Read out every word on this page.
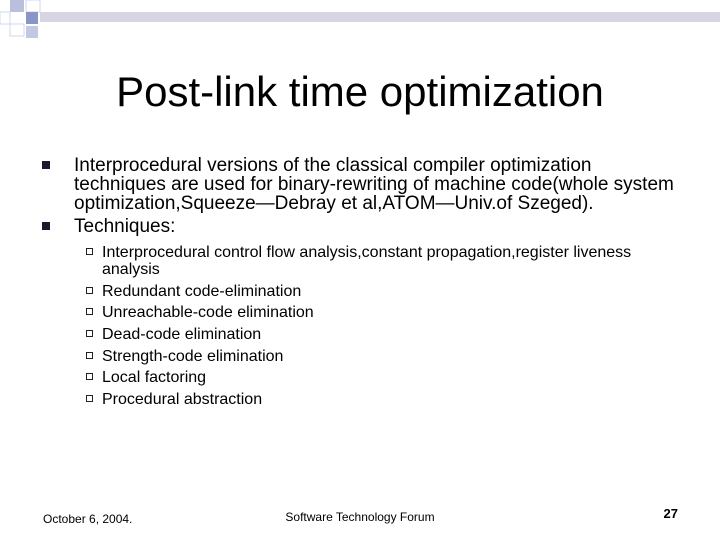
Post-link time optimization
Interprocedural versions of the classical compiler optimization techniques are used for binary-rewriting of machine code(whole system optimization,Squeeze—Debray et al,ATOM—Univ.of Szeged).
Techniques:
Interprocedural control flow analysis,constant propagation,register liveness analysis
Redundant code-elimination
Unreachable-code elimination
Dead-code elimination
Strength-code elimination
Local factoring
Procedural abstraction
October 6, 2004.	Software Technology Forum	27
